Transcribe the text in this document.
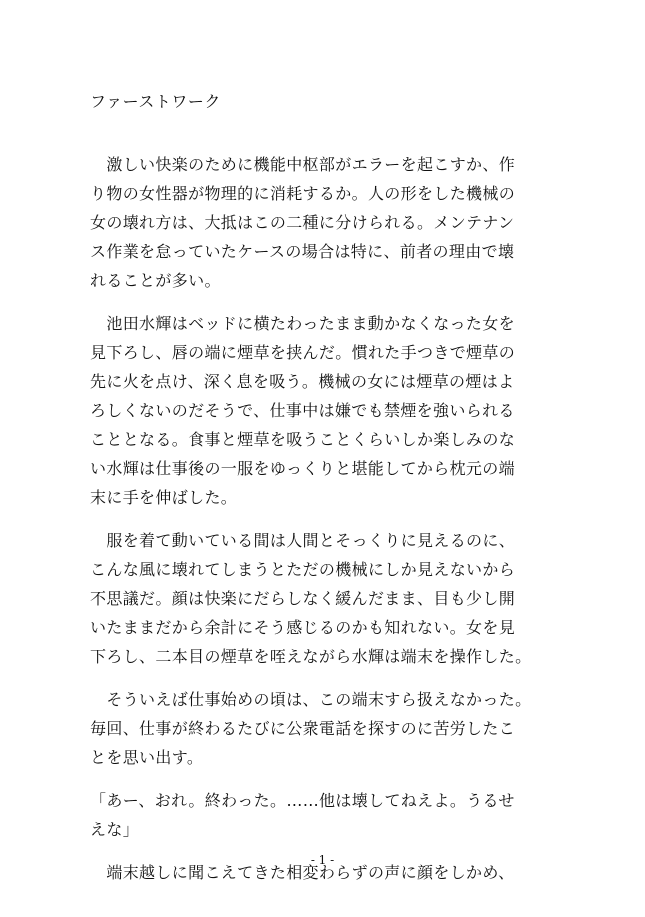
ファーストワーク

　激しい快楽のために機能中枢部がエラーを起こすか、作
り物の女性器が物理的に消耗するか。人の形をした機械の
女の壊れ方は、大抵はこの二種に分けられる。メンテナン
ス作業を怠っていたケースの場合は特に、前者の理由で壊
れることが多い。

　池田水輝はベッドに横たわったまま動かなくなった女を
見下ろし、唇の端に煙草を挟んだ。慣れた手つきで煙草の
先に火を点け、深く息を吸う。機械の女には煙草の煙はよ
ろしくないのだそうで、仕事中は嫌でも禁煙を強いられる
こととなる。食事と煙草を吸うことくらいしか楽しみのな
い水輝は仕事後の一服をゆっくりと堪能してから枕元の端
末に手を伸ばした。

　服を着て動いている間は人間とそっくりに見えるのに、
こんな風に壊れてしまうとただの機械にしか見えないから
不思議だ。顔は快楽にだらしなく緩んだまま、目も少し開
いたままだから余計にそう感じるのかも知れない。女を見
下ろし、二本目の煙草を咥えながら水輝は端末を操作した。

　そういえば仕事始めの頃は、この端末すら扱えなかった。
毎回、仕事が終わるたびに公衆電話を探すのに苦労したこ
とを思い出す。

「あー、おれ。終わった。……他は壊してねえよ。うるせ
えな」

　端末越しに聞こえてきた相変わらずの声に顔をしかめ、

- 1 -
